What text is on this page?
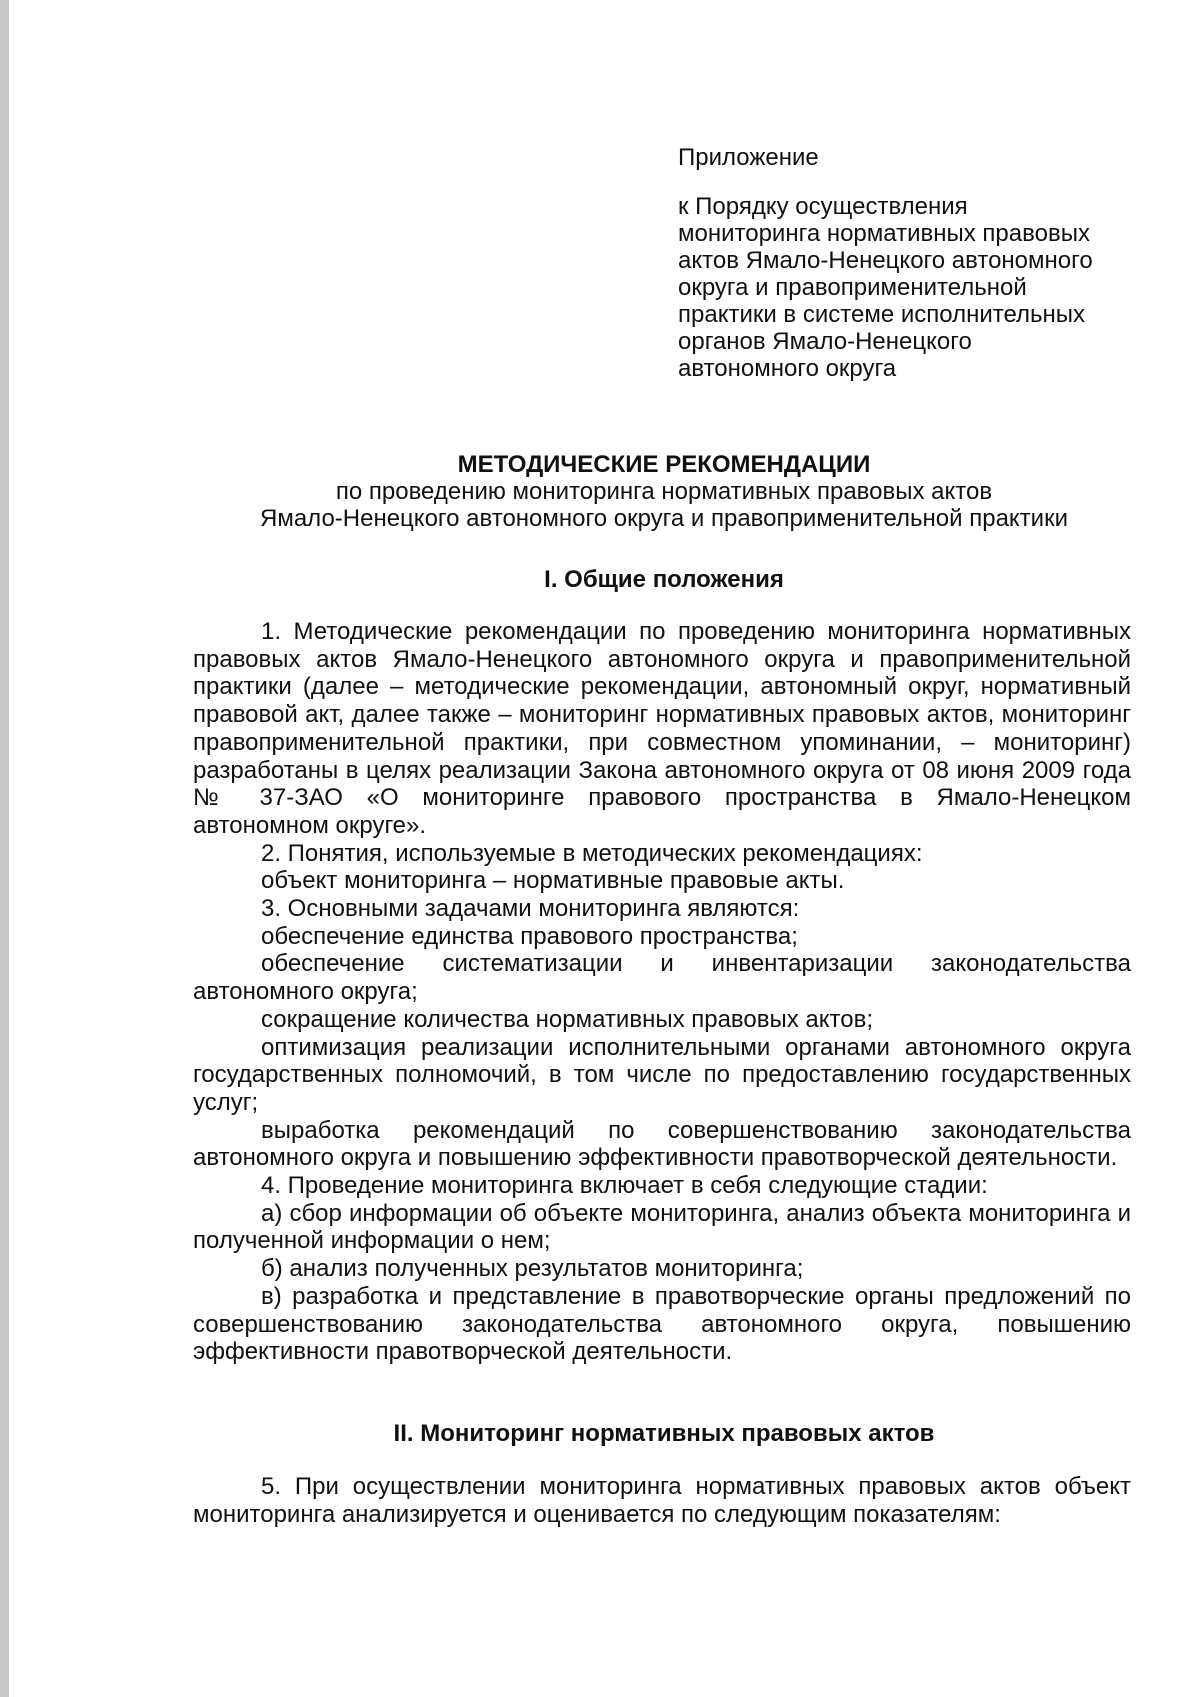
Приложение
к Порядку осуществления
мониторинга нормативных правовых
актов Ямало-Ненецкого автономного
округа и правоприменительной
практики в системе исполнительных
органов Ямало-Ненецкого
автономного округа
МЕТОДИЧЕСКИЕ РЕКОМЕНДАЦИИ
по проведению мониторинга нормативных правовых актов
Ямало-Ненецкого автономного округа и правоприменительной практики
I. Общие положения

1. Методические рекомендации по проведению мониторинга нормативных правовых актов Ямало-Ненецкого автономного округа и правоприменительной практики (далее – методические рекомендации, автономный округ, нормативный правовой акт, далее также – мониторинг нормативных правовых актов, мониторинг правоприменительной практики, при совместном упоминании, – мониторинг) разработаны в целях реализации Закона автономного округа от 08 июня 2009 года № 37-ЗАО «О мониторинге правового пространства в Ямало-Ненецком автономном округе».

2. Понятия, используемые в методических рекомендациях:

объект мониторинга – нормативные правовые акты.

3. Основными задачами мониторинга являются:

обеспечение единства правового пространства;

обеспечение систематизации и инвентаризации законодательства автономного округа;

сокращение количества нормативных правовых актов;

оптимизация реализации исполнительными органами автономного округа государственных полномочий, в том числе по предоставлению государственных услуг;

выработка рекомендаций по совершенствованию законодательства автономного округа и повышению эффективности правотворческой деятельности.

4. Проведение мониторинга включает в себя следующие стадии:

а) сбор информации об объекте мониторинга, анализ объекта мониторинга и полученной информации о нем;

б) анализ полученных результатов мониторинга;

в) разработка и представление в правотворческие органы предложений по совершенствованию законодательства автономного округа, повышению эффективности правотворческой деятельности.

II. Мониторинг нормативных правовых актов

5. При осуществлении мониторинга нормативных правовых актов объект мониторинга анализируется и оценивается по следующим показателям:
